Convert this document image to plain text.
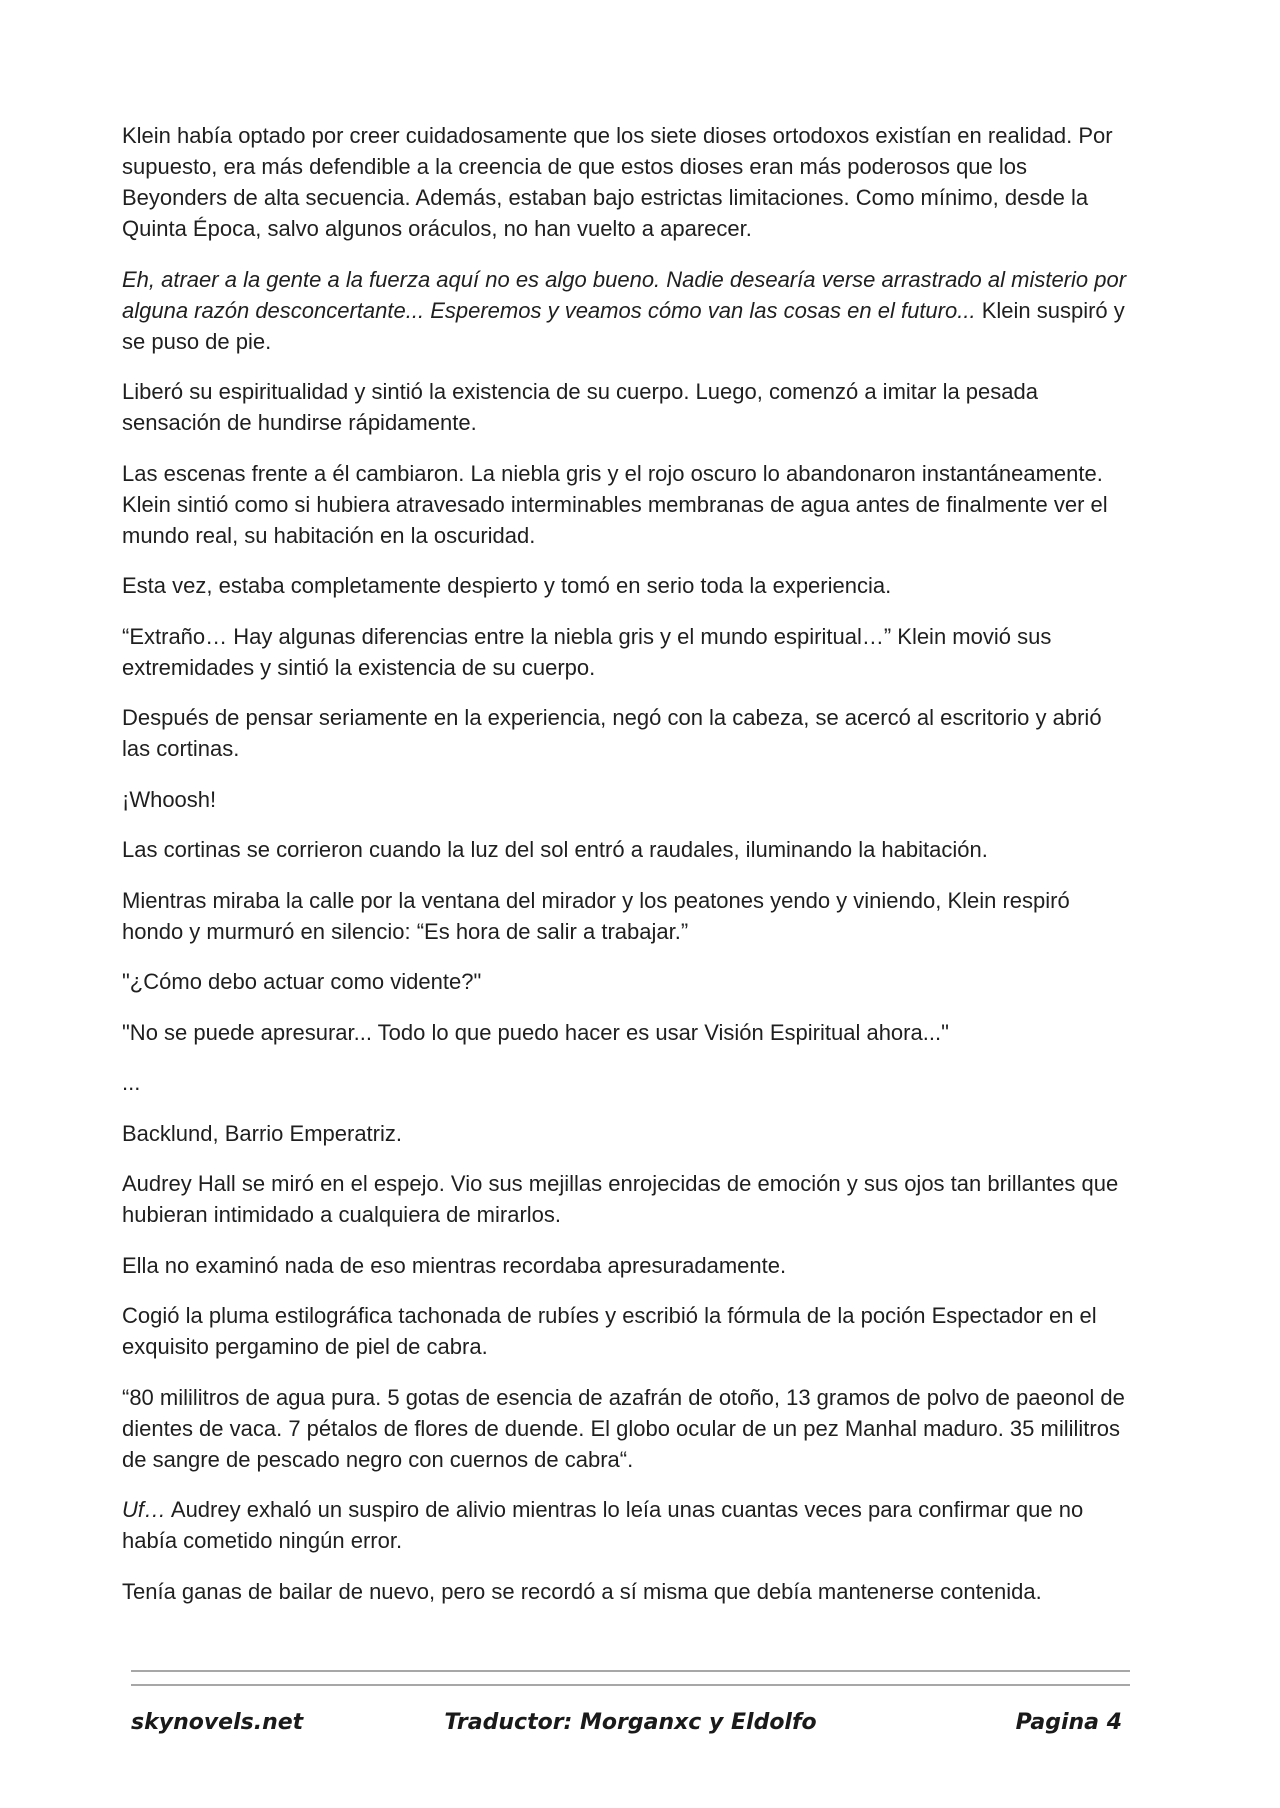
Klein había optado por creer cuidadosamente que los siete dioses ortodoxos existían en realidad. Por supuesto, era más defendible a la creencia de que estos dioses eran más poderosos que los Beyonders de alta secuencia. Además, estaban bajo estrictas limitaciones. Como mínimo, desde la Quinta Época, salvo algunos oráculos, no han vuelto a aparecer.

Eh, atraer a la gente a la fuerza aquí no es algo bueno. Nadie desearía verse arrastrado al misterio por alguna razón desconcertante... Esperemos y veamos cómo van las cosas en el futuro... Klein suspiró y se puso de pie.

Liberó su espiritualidad y sintió la existencia de su cuerpo. Luego, comenzó a imitar la pesada sensación de hundirse rápidamente.

Las escenas frente a él cambiaron. La niebla gris y el rojo oscuro lo abandonaron instantáneamente. Klein sintió como si hubiera atravesado interminables membranas de agua antes de finalmente ver el mundo real, su habitación en la oscuridad.

Esta vez, estaba completamente despierto y tomó en serio toda la experiencia.

“Extraño… Hay algunas diferencias entre la niebla gris y el mundo espiritual…” Klein movió sus extremidades y sintió la existencia de su cuerpo.

Después de pensar seriamente en la experiencia, negó con la cabeza, se acercó al escritorio y abrió las cortinas.

¡Whoosh!

Las cortinas se corrieron cuando la luz del sol entró a raudales, iluminando la habitación.

Mientras miraba la calle por la ventana del mirador y los peatones yendo y viniendo, Klein respiró hondo y murmuró en silencio: “Es hora de salir a trabajar.”

"¿Cómo debo actuar como vidente?"

"No se puede apresurar... Todo lo que puedo hacer es usar Visión Espiritual ahora..."

...

Backlund, Barrio Emperatriz.

Audrey Hall se miró en el espejo. Vio sus mejillas enrojecidas de emoción y sus ojos tan brillantes que hubieran intimidado a cualquiera de mirarlos.

Ella no examinó nada de eso mientras recordaba apresuradamente.

Cogió la pluma estilográfica tachonada de rubíes y escribió la fórmula de la poción Espectador en el exquisito pergamino de piel de cabra.

“80 mililitros de agua pura. 5 gotas de esencia de azafrán de otoño, 13 gramos de polvo de paeonol de dientes de vaca. 7 pétalos de flores de duende. El globo ocular de un pez Manhal maduro. 35 mililitros de sangre de pescado negro con cuernos de cabra“.

Uf… Audrey exhaló un suspiro de alivio mientras lo leía unas cuantas veces para confirmar que no había cometido ningún error.

Tenía ganas de bailar de nuevo, pero se recordó a sí misma que debía mantenerse contenida.

skynovels.net	Traductor: Morganxc y Eldolfo	Pagina 4
